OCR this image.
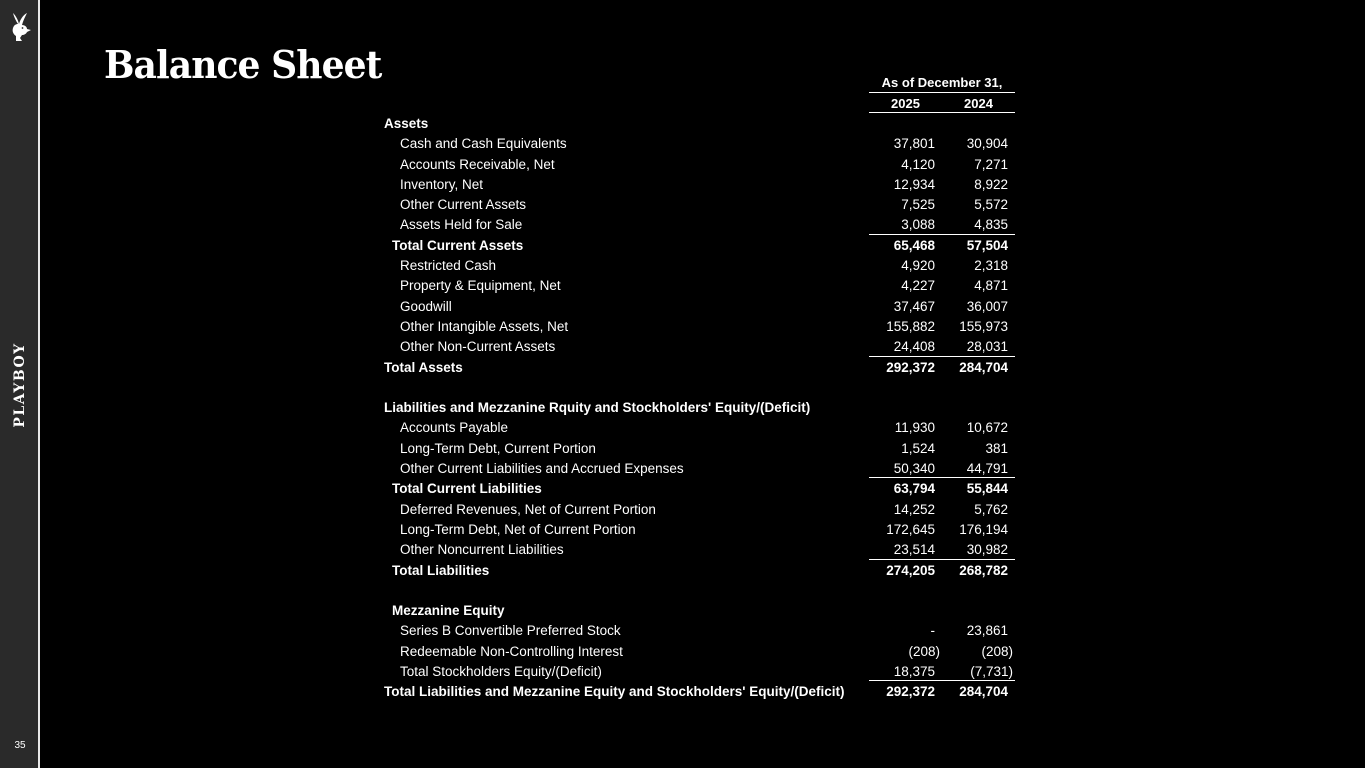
PLAYBOY
35
Balance Sheet	As of December 31,
2025	2024
Assets
Cash and Cash Equivalents	37,801	30,904
Accounts Receivable, Net	4,120	7,271
Inventory, Net	12,934	8,922
Other Current Assets	7,525	5,572
Assets Held for Sale	3,088	4,835
Total Current Assets	65,468	57,504
Restricted Cash	4,920	2,318
Property & Equipment, Net	4,227	4,871
Goodwill	37,467	36,007
Other Intangible Assets, Net	155,882	155,973
Other Non-Current Assets	24,408	28,031
Total Assets	292,372	284,704
Liabilities and Mezzanine Rquity and Stockholders' Equity/(Deficit)
Accounts Payable	11,930	10,672
Long-Term Debt, Current Portion	1,524	381
Other Current Liabilities and Accrued Expenses	50,340	44,791
Total Current Liabilities	63,794	55,844
Deferred Revenues, Net of Current Portion	14,252	5,762
Long-Term Debt, Net of Current Portion	172,645	176,194
Other Noncurrent Liabilities	23,514	30,982
Total Liabilities	274,205	268,782
Mezzanine Equity
Series B Convertible Preferred Stock	-	23,861
Redeemable Non-Controlling Interest	(208)	(208)
Total Stockholders Equity/(Deficit)	18,375	(7,731)
Total Liabilities and Mezzanine Equity and Stockholders' Equity/(Deficit)	292,372	284,704
